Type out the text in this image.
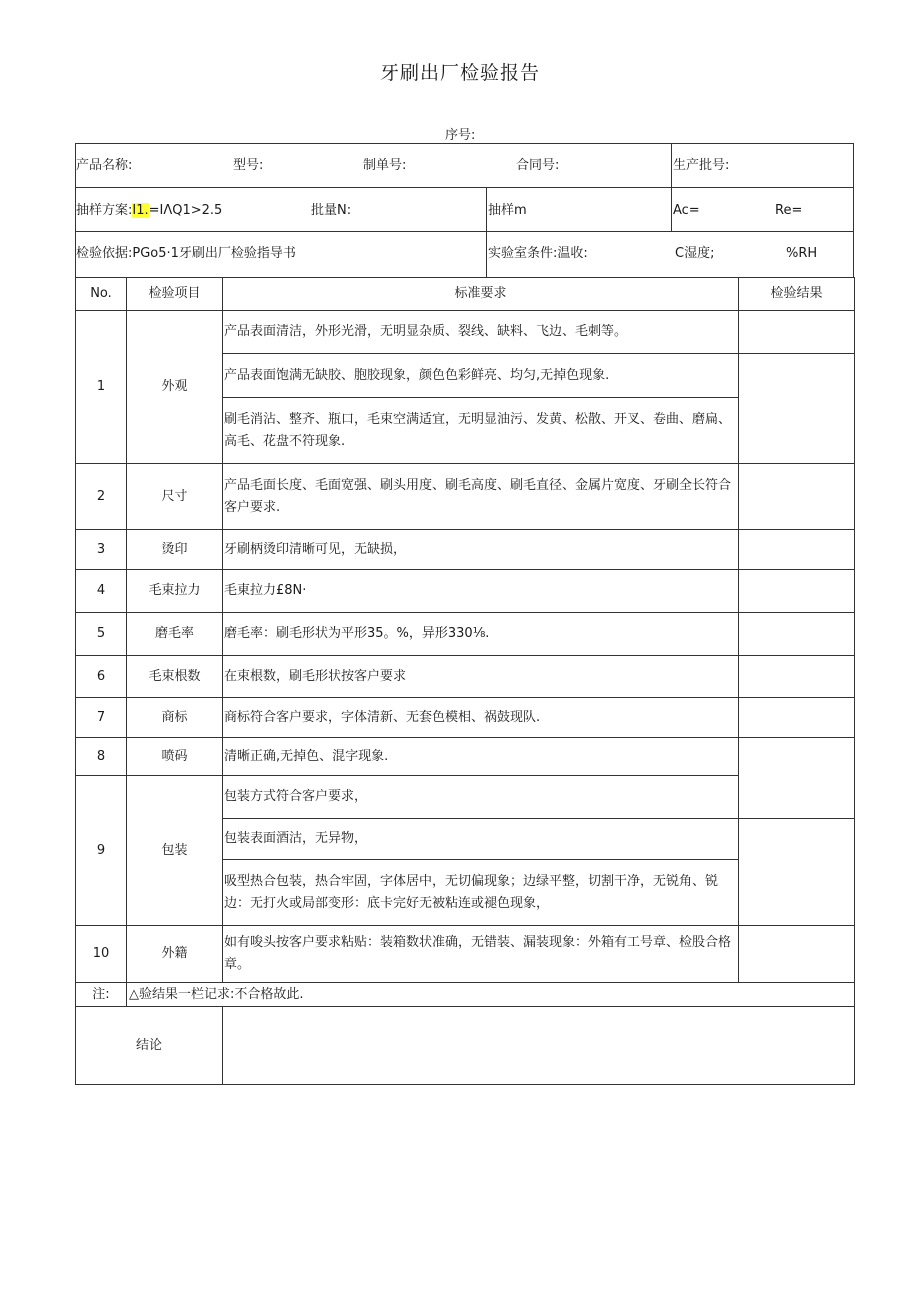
牙刷出厂检验报告
序号:
产品名称:	型号:	制单号:	合同号:	生产批号:
抽样方案:I1.=IΛQ1>2.5	批量N:	抽样m	Ac=	Re=
检验依据:PGo5·1牙刷出厂检验指导书	实验室条件:温收:	C湿度;	%RH
No.	检验项目	标准要求	检验结果
1	外观	产品表面清洁，外形光滑，无明显杂质、裂线、缺料、飞边、毛刺等。	
		产品表面饱满无缺胶、胞胶现象，颜色色彩鲜亮、均匀,无掉色现象.	
		刷毛消沾、整齐、瓶口，毛束空满适宜，无明显油污、发黄、松散、开叉、卷曲、磨扁、高毛、花盘不符现象.	
2	尺寸	产品毛面长度、毛面宽强、刷头用度、刷毛高度、刷毛直径、金属片宽度、牙刷全长符合客户要求.	
3	烫印	牙刷柄烫印清晰可见，无缺损，	
4	毛束拉力	毛東拉力£8N·	
5	磨毛率	磨毛率：刷毛形状为平形35。%，异形330⅛.	
6	毛束根数	在束根数，刷毛形状按客户要求	
7	商标	商标符合客户要求，字体清新、无套色模相、祸鼓现队.	
8	喷码	清晰正确,无掉色、混字现象.	
9	包装	包装方式符合客户要求，	
		包装表面酒沽，无异物，	
		吸型热合包装，热合牢固，字体居中，无切偏现象；边绿平整，切割干净，无锐角、锐边：无打火或局部变形：底卡完好无被粘连或褪色现象，	
10	外籍	如有唆头按客户要求粘贴：装箱数状准确，无错装、漏装现象：外箱有工号章、检股合格章。	
注:	△验结果一栏记求:不合格故此.		
结论			
